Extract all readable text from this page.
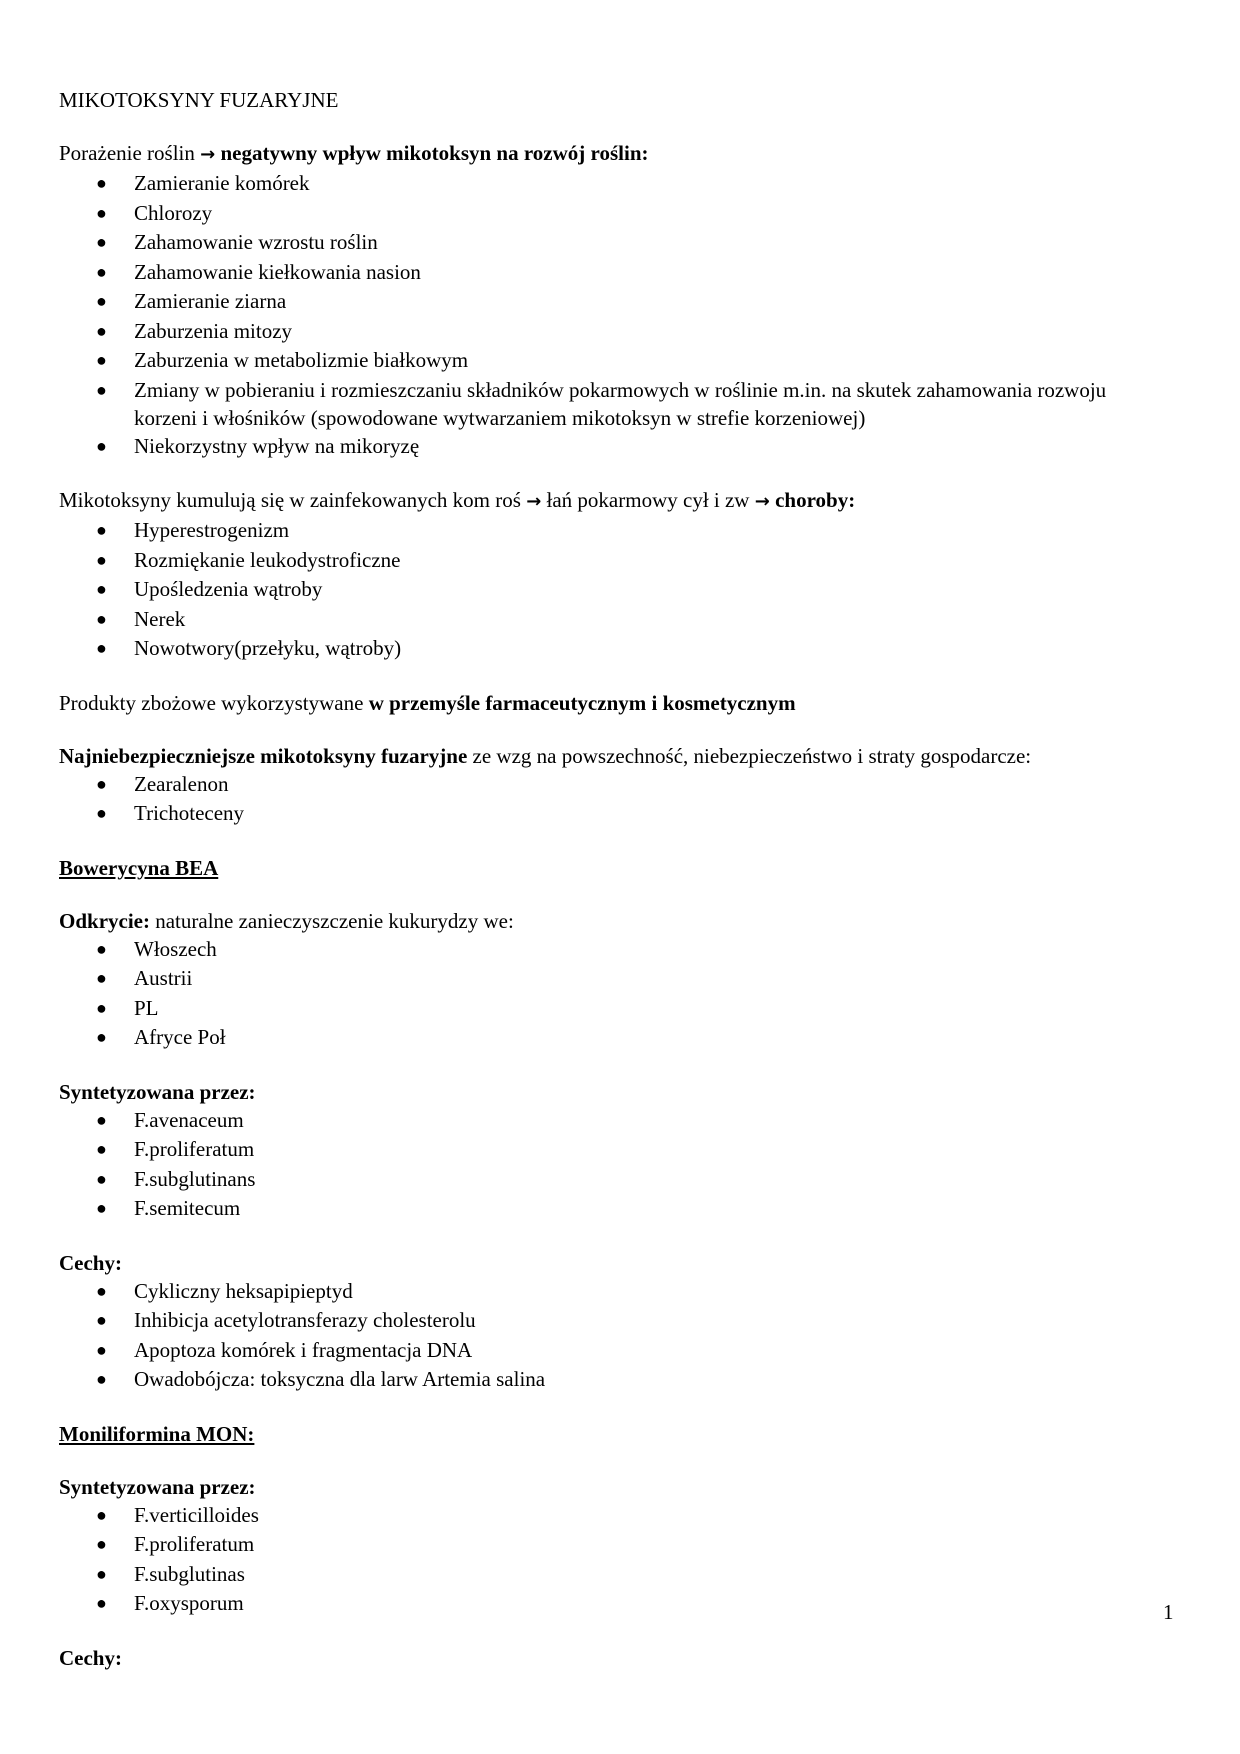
MIKOTOKSYNY FUZARYJNE

Porażenie roślin → negatywny wpływ mikotoksyn na rozwój roślin:

● Zamieranie komórek
● Chlorozy
● Zahamowanie wzrostu roślin
● Zahamowanie kiełkowania nasion
● Zamieranie ziarna
● Zaburzenia mitozy
● Zaburzenia w metabolizmie białkowym
● Zmiany w pobieraniu i rozmieszczaniu składników pokarmowych w roślinie m.in. na skutek zahamowania rozwoju korzeni i włośników (spowodowane wytwarzaniem mikotoksyn w strefie korzeniowej)
● Niekorzystny wpływ na mikoryzę

Mikotoksyny kumulują się w zainfekowanych kom roś → łań pokarmowy cył i zw → choroby:

● Hyperestrogenizm
● Rozmiękanie leukodystroficzne
● Upośledzenia wątroby
● Nerek
● Nowotwory(przełyku, wątroby)

Produkty zbożowe wykorzystywane w przemyśle farmaceutycznym i kosmetycznym

Najniebezpieczniejsze mikotoksyny fuzaryjne ze wzg na powszechność, niebezpieczeństwo i straty gospodarcze:

● Zearalenon
● Trichoteceny

Bowerycyna BEA

Odkrycie: naturalne zanieczyszczenie kukurydzy we:

● Włoszech
● Austrii
● PL
● Afryce Poł

Syntetyzowana przez:

● F.avenaceum
● F.proliferatum
● F.subglutinans
● F.semitecum

Cechy:

● Cykliczny heksapipieptyd
● Inhibicja acetylotransferazy cholesterolu
● Apoptoza komórek i fragmentacja DNA
● Owadobójcza: toksyczna dla larw Artemia salina

Moniliformina MON:

Syntetyzowana przez:

● F.verticilloides
● F.proliferatum
● F.subglutinas
● F.oxysporum

Cechy:

1
